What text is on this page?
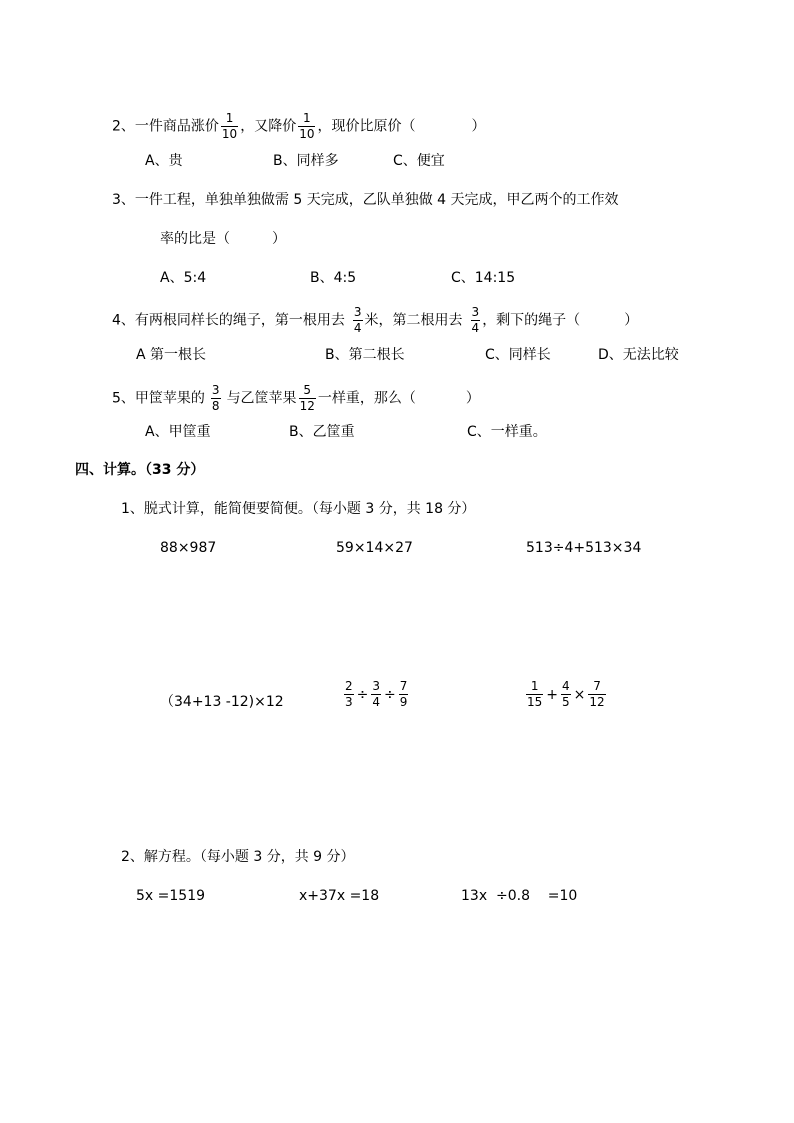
2、一件商品涨价 $\frac{1}{10}$ ，又降价 $\frac{1}{10}$ ，现价比原价（	）
A、贵	B、同样多	C、便宜
3、一件工程，单独单独做需 5 天完成，乙队单独做 4 天完成，甲乙两个的工作效
率的比是（	）
A、5:4	B、4:5	C、14:15
4、有两根同样长的绳子，第一根用去 $\frac{3}{4}$ 米，第二根用去 $\frac{3}{4}$ ，剩下的绳子（	）
A 第一根长	B、第二根长	C、同样长	D、无法比较
5、甲筐苹果的 $\frac{3}{8}$ 与乙筐苹果 $\frac{5}{12}$ 一样重，那么（	）
A、甲筐重	B、乙筐重	C、一样重。
四、计算。（33 分）
1、脱式计算，能简便要简便。（每小题 3 分，共 18 分）
88×987	59×14×27	513÷4+513×34
（34+13 -12)×12	$\frac{2}{3} \div \frac{3}{4} \div \frac{7}{9}$	$\frac{1}{15} + \frac{4}{5} \times \frac{7}{12}$
2、解方程。（每小题 3 分，共 9 分）
5x =1519	x+37x =18	13x  ÷0.8    =10
